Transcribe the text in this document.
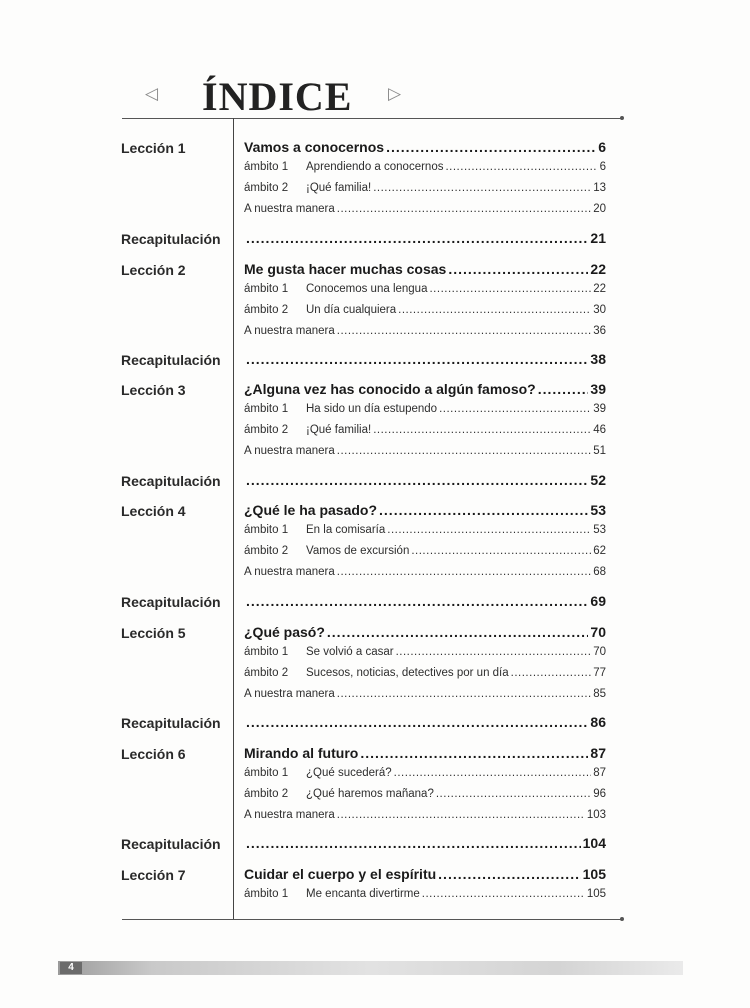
◁ ÍNDICE ▷
Lección 1	Vamos a conocernos .....	6
ámbito 1	Aprendiendo a conocernos .....	6
ámbito 2	¡Qué familia! .....	13
A nuestra manera .....	20
Recapitulación .....	21
Lección 2	Me gusta hacer muchas cosas .....	22
ámbito 1	Conocemos una lengua .....	22
ámbito 2	Un día cualquiera .....	30
A nuestra manera .....	36
Recapitulación .....	38
Lección 3	¿Alguna vez has conocido a algún famoso? .....	39
ámbito 1	Ha sido un día estupendo .....	39
ámbito 2	¡Qué familia! .....	46
A nuestra manera .....	51
Recapitulación .....	52
Lección 4	¿Qué le ha pasado? .....	53
ámbito 1	En la comisaría .....	53
ámbito 2	Vamos de excursión .....	62
A nuestra manera .....	68
Recapitulación .....	69
Lección 5	¿Qué pasó? .....	70
ámbito 1	Se volvió a casar .....	70
ámbito 2	Sucesos, noticias, detectives por un día .....	77
A nuestra manera .....	85
Recapitulación .....	86
Lección 6	Mirando al futuro .....	87
ámbito 1	¿Qué sucederá? .....	87
ámbito 2	¿Qué haremos mañana? .....	96
A nuestra manera .....	103
Recapitulación .....	104
Lección 7	Cuidar el cuerpo y el espíritu .....	105
ámbito 1	Me encanta divertirme .....	105
4
